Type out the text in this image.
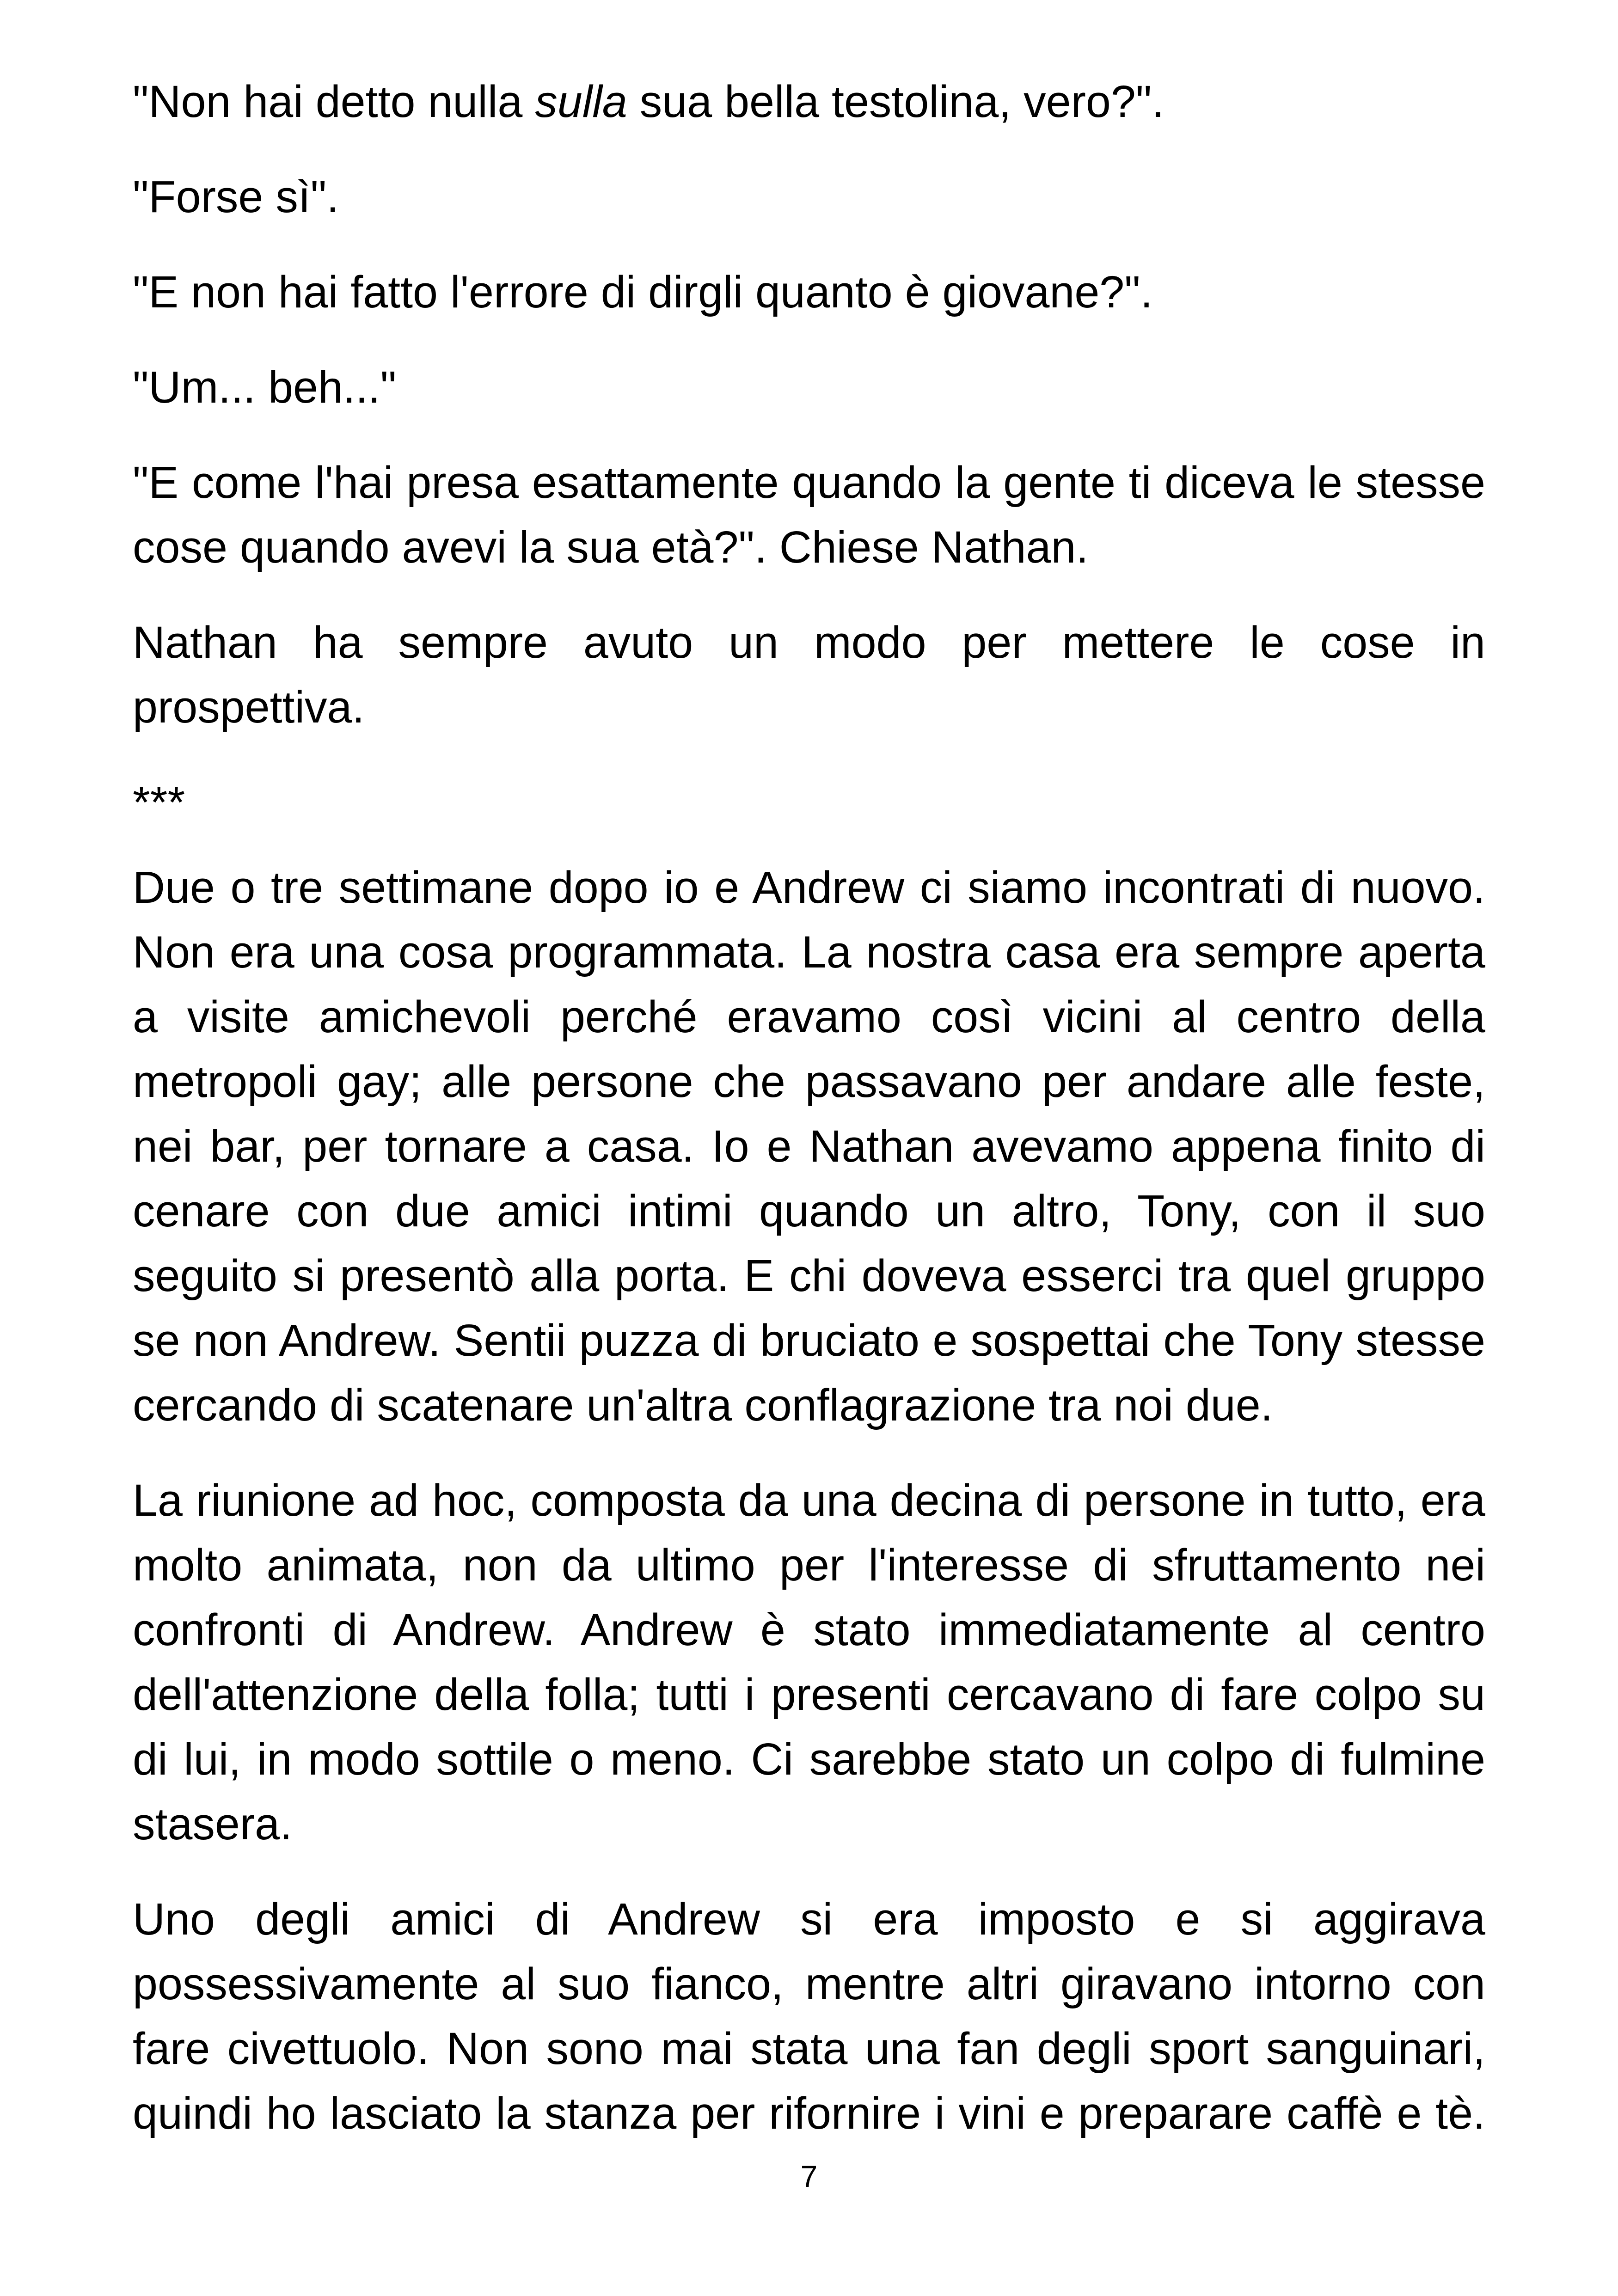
"Non hai detto nulla sulla sua bella testolina, vero?".

"Forse sì".

"E non hai fatto l'errore di dirgli quanto è giovane?".

"Um... beh..."

"E come l'hai presa esattamente quando la gente ti diceva le stesse cose quando avevi la sua età?". Chiese Nathan.

Nathan ha sempre avuto un modo per mettere le cose in prospettiva.

***

Due o tre settimane dopo io e Andrew ci siamo incontrati di nuovo. Non era una cosa programmata. La nostra casa era sempre aperta a visite amichevoli perché eravamo così vicini al centro della metropoli gay; alle persone che passavano per andare alle feste, nei bar, per tornare a casa. Io e Nathan avevamo appena finito di cenare con due amici intimi quando un altro, Tony, con il suo seguito si presentò alla porta. E chi doveva esserci tra quel gruppo se non Andrew. Sentii puzza di bruciato e sospettai che Tony stesse cercando di scatenare un'altra conflagrazione tra noi due.

La riunione ad hoc, composta da una decina di persone in tutto, era molto animata, non da ultimo per l'interesse di sfruttamento nei confronti di Andrew. Andrew è stato immediatamente al centro dell'attenzione della folla; tutti i presenti cercavano di fare colpo su di lui, in modo sottile o meno. Ci sarebbe stato un colpo di fulmine stasera.

Uno degli amici di Andrew si era imposto e si aggirava possessivamente al suo fianco, mentre altri giravano intorno con fare civettuolo. Non sono mai stata una fan degli sport sanguinari, quindi ho lasciato la stanza per rifornire i vini e preparare caffè e tè.

7
